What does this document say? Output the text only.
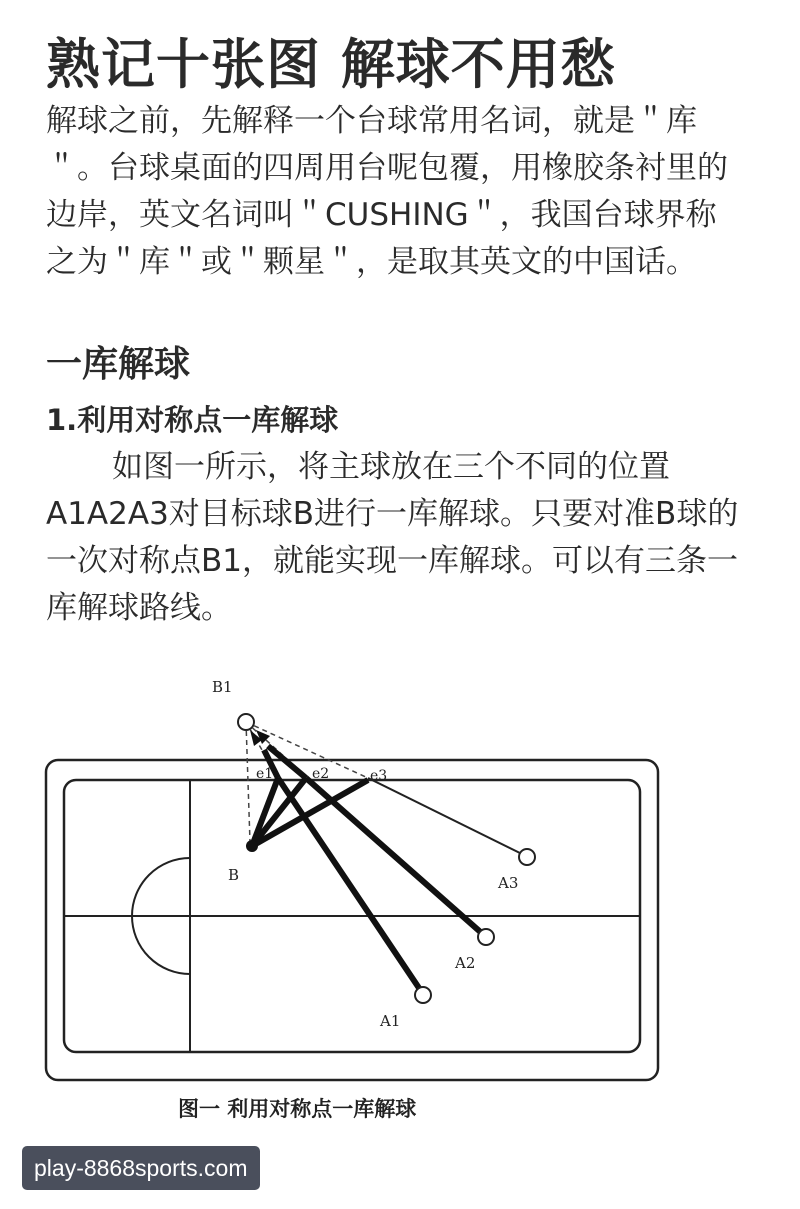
熟记十张图 解球不用愁
解球之前，先解释一个台球常用名词，就是＂库＂。台球桌面的四周用台呢包覆，用橡胶条衬里的边岸，英文名词叫＂CUSHING＂，我国台球界称之为＂库＂或＂颗星＂，是取其英文的中国话。
一库解球
1.利用对称点一库解球
如图一所示，将主球放在三个不同的位置A1A2A3对目标球B进行一库解球。只要对准B球的一次对称点B1，就能实现一库解球。可以有三条一库解球路线。
B1
B
e1	e2	e3
A1
A2
A3
图一 利用对称点一库解球
play-8868sports.com
